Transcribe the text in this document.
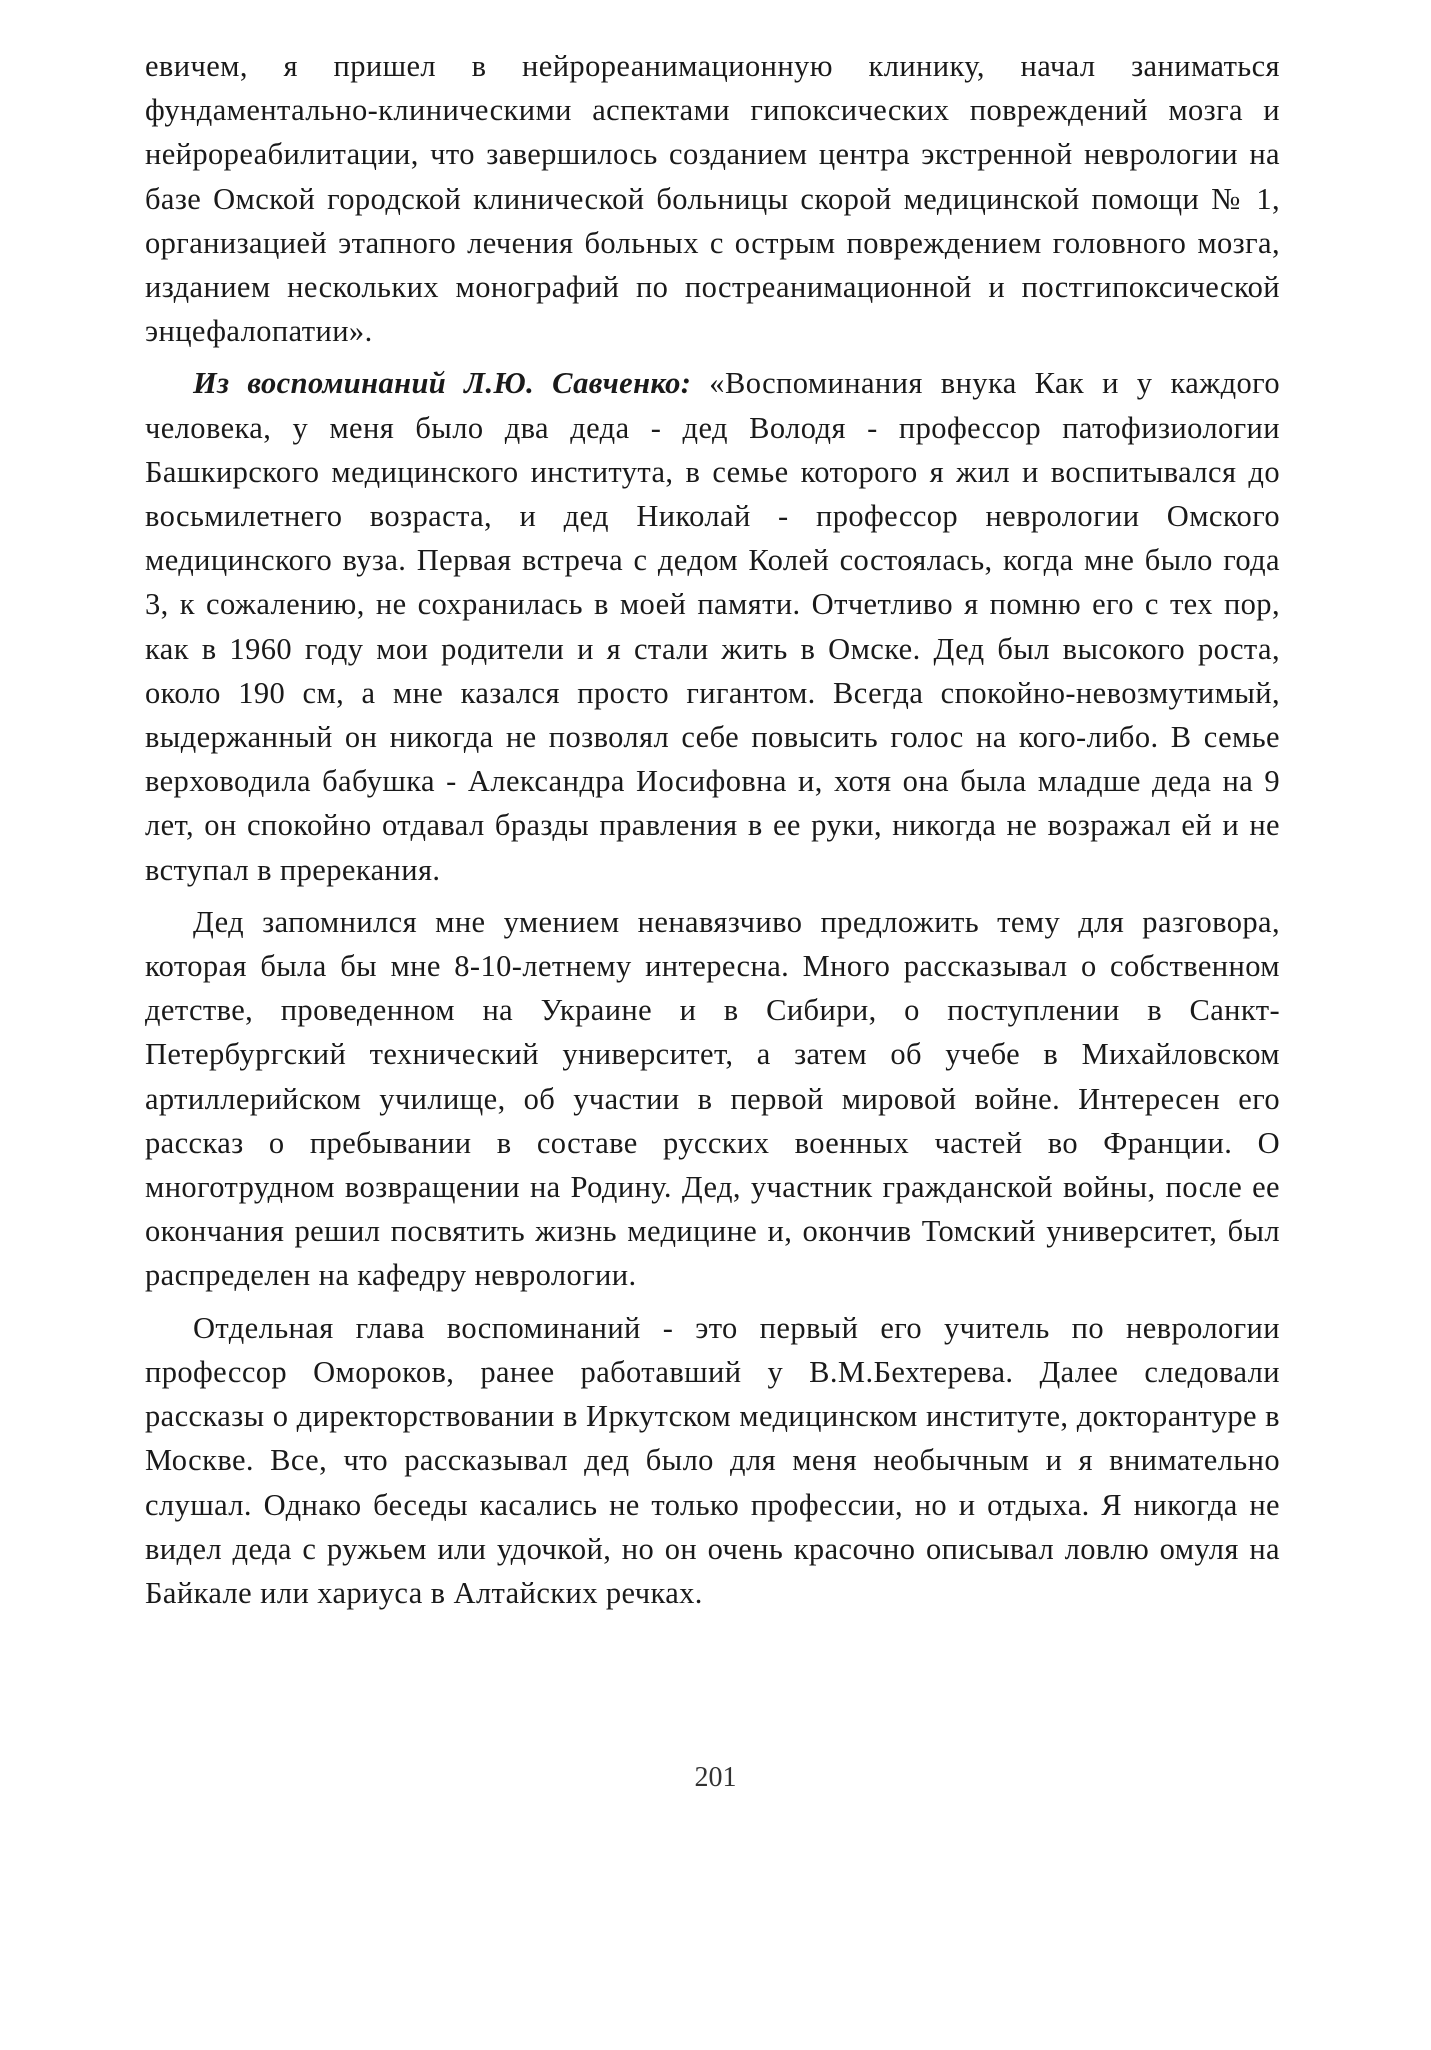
евичем, я пришел в нейрореанимационную клинику, начал заниматься фундаментально-клиническими аспектами гипоксических повреждений мозга и нейрореабилитации, что завершилось созданием центра экстренной неврологии на базе Омской городской клинической больницы скорой медицинской помощи № 1, организацией этапного лечения больных с острым повреждением головного мозга, изданием нескольких монографий по постреанимационной и постгипоксической энцефалопатии».

Из воспоминаний Л.Ю. Савченко: «Воспоминания внука Как и у каждого человека, у меня было два деда - дед Володя - профессор патофизиологии Башкирского медицинского института, в семье которого я жил и воспитывался до восьмилетнего возраста, и дед Николай - профессор неврологии Омского медицинского вуза. Первая встреча с дедом Колей состоялась, когда мне было года 3, к сожалению, не сохранилась в моей памяти. Отчетливо я помню его с тех пор, как в 1960 году мои родители и я стали жить в Омске. Дед был высокого роста, около 190 см, а мне казался просто гигантом. Всегда спокойно-невозмутимый, выдержанный он никогда не позволял себе повысить голос на кого-либо. В семье верховодила бабушка - Александра Иосифовна и, хотя она была младше деда на 9 лет, он спокойно отдавал бразды правления в ее руки, никогда не возражал ей и не вступал в пререкания.

Дед запомнился мне умением ненавязчиво предложить тему для разговора, которая была бы мне 8-10-летнему интересна. Много рассказывал о собственном детстве, проведенном на Украине и в Сибири, о поступлении в Санкт-Петербургский технический университет, а затем об учебе в Михайловском артиллерийском училище, об участии в первой мировой войне. Интересен его рассказ о пребывании в составе русских военных частей во Франции. О многотрудном возвращении на Родину. Дед, участник гражданской войны, после ее окончания решил посвятить жизнь медицине и, окончив Томский университет, был распределен на кафедру неврологии.

Отдельная глава воспоминаний - это первый его учитель по неврологии профессор Омороков, ранее работавший у В.М.Бехтерева. Далее следовали рассказы о директорствовании в Иркутском медицинском институте, докторантуре в Москве. Все, что рассказывал дед было для меня необычным и я внимательно слушал. Однако беседы касались не только профессии, но и отдыха. Я никогда не видел деда с ружьем или удочкой, но он очень красочно описывал ловлю омуля на Байкале или хариуса в Алтайских речках.

201
